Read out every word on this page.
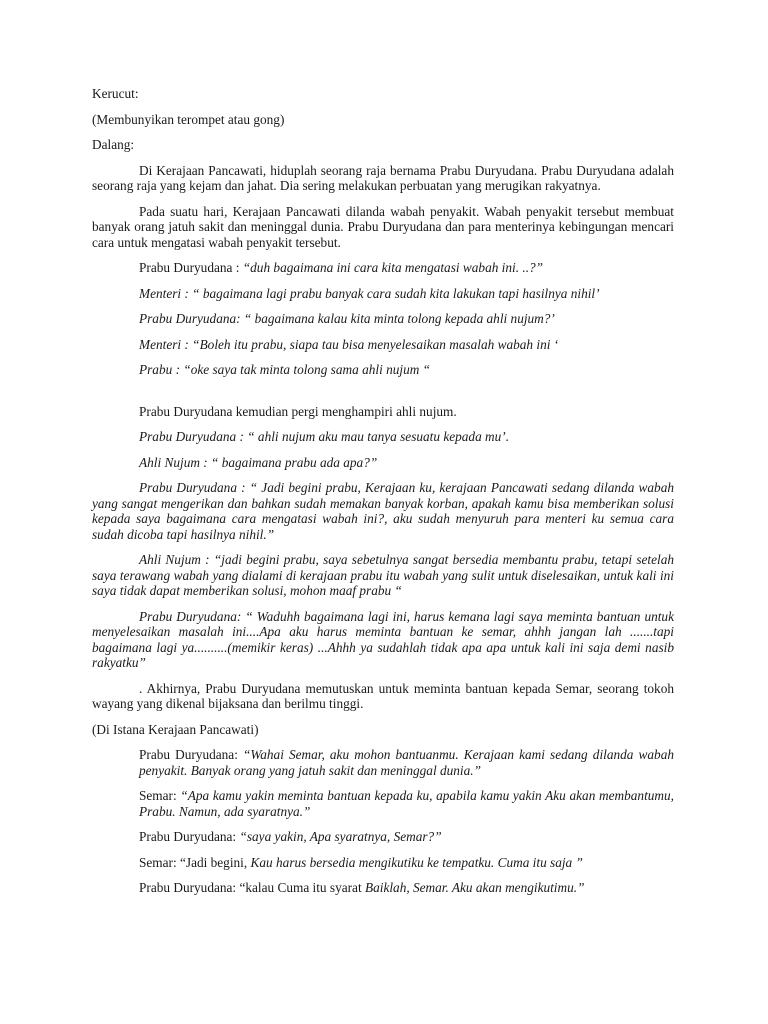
Kerucut:

(Membunyikan terompet atau gong)

Dalang:

Di Kerajaan Pancawati, hiduplah seorang raja bernama Prabu Duryudana. Prabu Duryudana adalah seorang raja yang kejam dan jahat. Dia sering melakukan perbuatan yang merugikan rakyatnya.

Pada suatu hari, Kerajaan Pancawati dilanda wabah penyakit. Wabah penyakit tersebut membuat banyak orang jatuh sakit dan meninggal dunia. Prabu Duryudana dan para menterinya kebingungan mencari cara untuk mengatasi wabah penyakit tersebut.

Prabu Duryudana : “duh bagaimana ini cara kita mengatasi wabah ini. ..?”

Menteri : “ bagaimana lagi prabu banyak cara sudah kita lakukan tapi hasilnya nihil’

Prabu Duryudana: “ bagaimana kalau kita minta tolong kepada ahli nujum?’

Menteri : “Boleh itu prabu, siapa tau bisa menyelesaikan masalah wabah ini ‘

Prabu : “oke saya tak minta tolong sama ahli nujum “

Prabu Duryudana kemudian pergi menghampiri ahli nujum.

Prabu Duryudana : “ ahli nujum aku mau tanya sesuatu kepada mu’.

Ahli Nujum : “ bagaimana prabu ada apa?”

Prabu Duryudana : “ Jadi begini prabu, Kerajaan ku, kerajaan Pancawati sedang dilanda wabah yang sangat mengerikan dan bahkan sudah memakan banyak korban, apakah kamu bisa memberikan solusi kepada saya bagaimana cara mengatasi wabah ini?, aku sudah menyuruh para menteri ku semua cara sudah dicoba tapi hasilnya nihil.”

Ahli Nujum : “jadi begini prabu, saya sebetulnya sangat bersedia membantu prabu, tetapi setelah saya terawang wabah yang dialami di kerajaan prabu itu wabah yang sulit untuk diselesaikan, untuk kali ini saya tidak dapat memberikan solusi, mohon maaf prabu “

Prabu Duryudana: “ Waduhh bagaimana lagi ini, harus kemana lagi saya meminta bantuan untuk menyelesaikan masalah ini....Apa aku harus meminta bantuan ke semar, ahhh jangan lah .......tapi bagaimana lagi ya..........(memikir keras) ...Ahhh ya sudahlah tidak apa apa untuk kali ini saja demi nasib rakyatku”

. Akhirnya, Prabu Duryudana memutuskan untuk meminta bantuan kepada Semar, seorang tokoh wayang yang dikenal bijaksana dan berilmu tinggi.

(Di Istana Kerajaan Pancawati)

Prabu Duryudana: “Wahai Semar, aku mohon bantuanmu. Kerajaan kami sedang dilanda wabah penyakit. Banyak orang yang jatuh sakit dan meninggal dunia.”

Semar: “Apa kamu yakin meminta bantuan kepada ku, apabila kamu yakin Aku akan membantumu, Prabu. Namun, ada syaratnya.”

Prabu Duryudana: “saya yakin, Apa syaratnya, Semar?”

Semar: “Jadi begini, Kau harus bersedia mengikutiku ke tempatku. Cuma itu saja ”

Prabu Duryudana: “kalau Cuma itu syarat Baiklah, Semar. Aku akan mengikutimu.”
